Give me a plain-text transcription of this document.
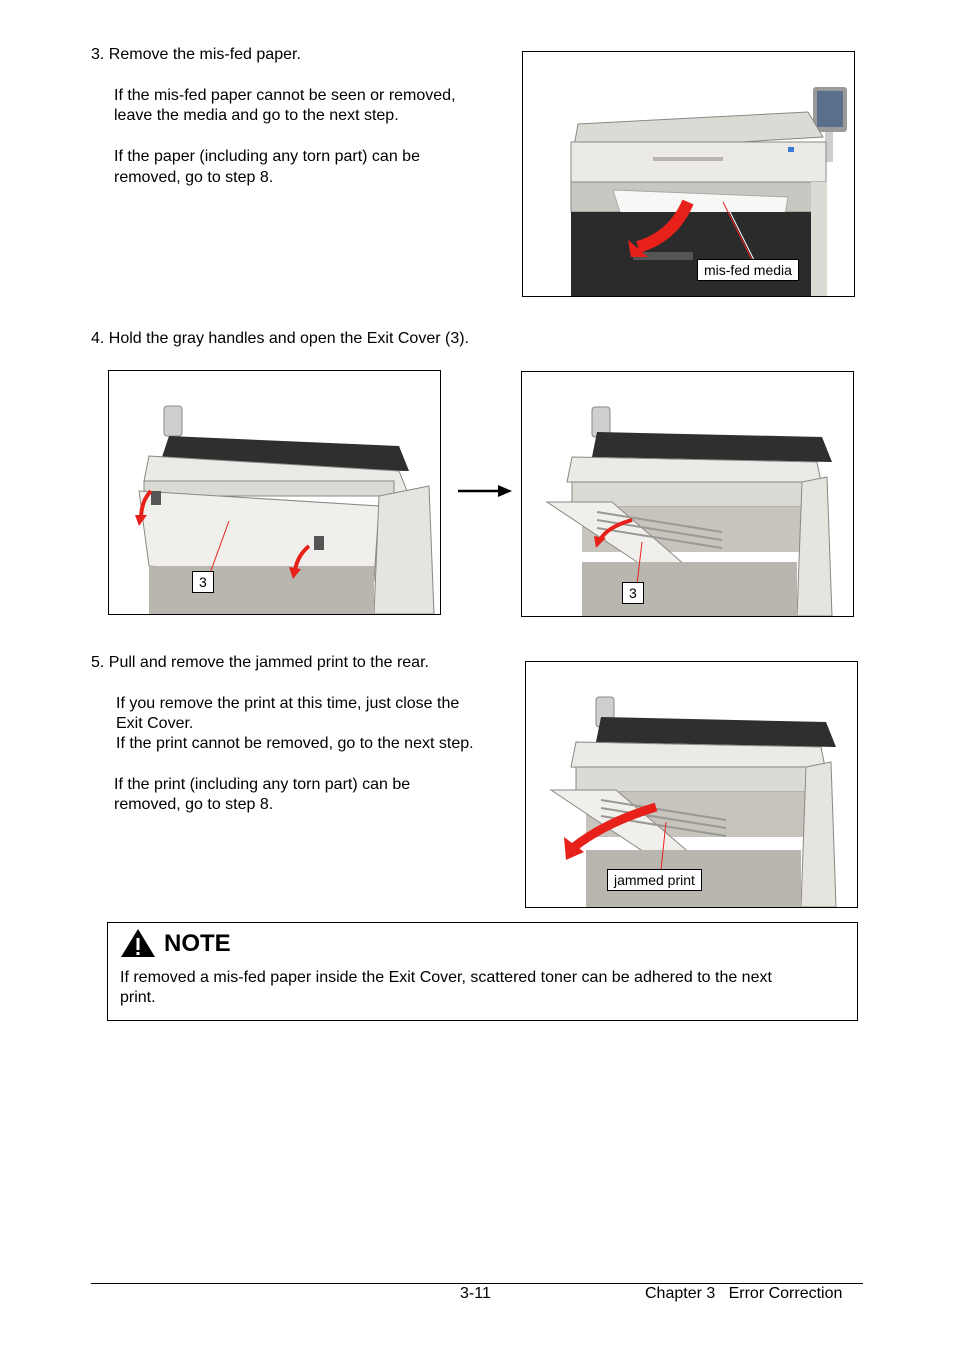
3. Remove the mis-fed paper.
If the mis-fed paper cannot be seen or removed,
leave the media and go to the next step.
If the paper (including any torn part) can be
removed, go to step 8.
mis-fed media
4. Hold the gray handles and open the Exit Cover (3).
3
3
5. Pull and remove the jammed print to the rear.
If you remove the print at this time, just close the
Exit Cover.
If the print cannot be removed, go to the next step.
If the print (including any torn part) can be
removed, go to step 8.
jammed print
NOTE
If removed a mis-fed paper inside the Exit Cover, scattered toner can be adhered to the next
print.
3-11	Chapter 3   Error Correction
